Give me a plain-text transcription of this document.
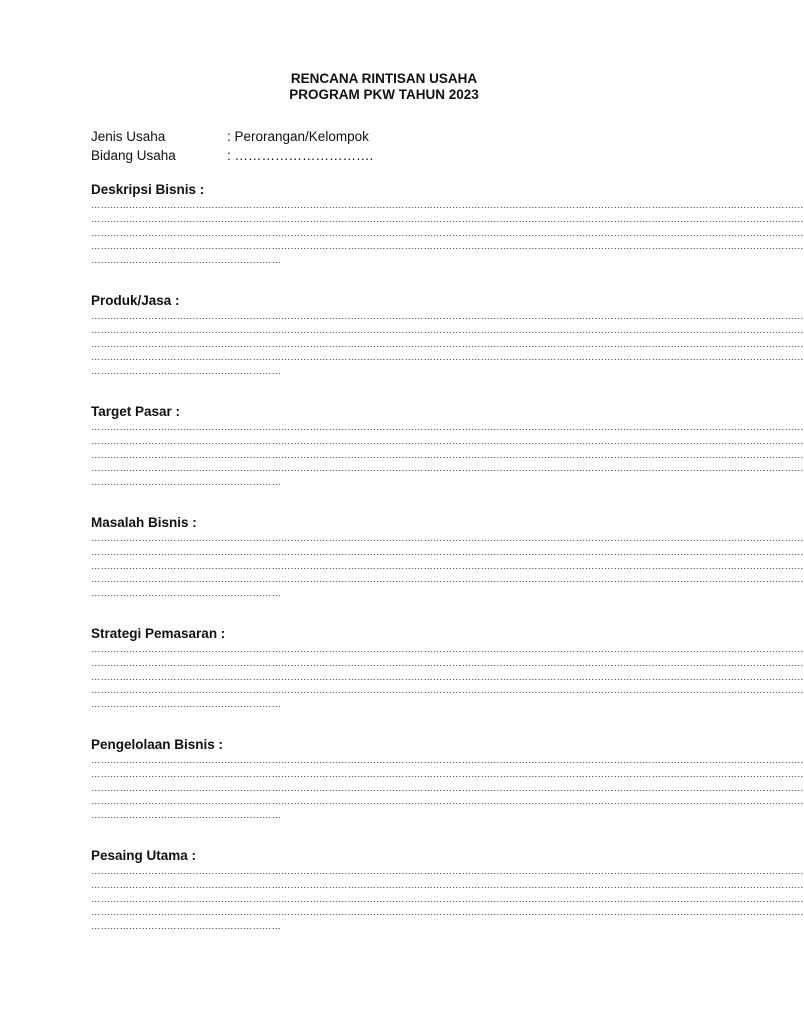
RENCANA RINTISAN USAHA
PROGRAM PKW TAHUN 2023
Jenis Usaha	: Perorangan/Kelompok
Bidang Usaha	: ………………………….
Deskripsi Bisnis :
………………………………………………………………………………………………………………………………………………………………………………………………………
………………………………………………………………………………………………………………………………………………………………………………………………………
………………………………………………………………………………………………………………………………………………………………………………………………………
………………………………………………………………………………………………………………………………………………………………………………………………………
……………………………………………………
Produk/Jasa :
………………………………………………………………………………………………………………………………………………………………………………………………………
………………………………………………………………………………………………………………………………………………………………………………………………………
………………………………………………………………………………………………………………………………………………………………………………………………………
………………………………………………………………………………………………………………………………………………………………………………………………………
……………………………………………………
Target Pasar :
………………………………………………………………………………………………………………………………………………………………………………………………………
………………………………………………………………………………………………………………………………………………………………………………………………………
………………………………………………………………………………………………………………………………………………………………………………………………………
………………………………………………………………………………………………………………………………………………………………………………………………………
……………………………………………………
Masalah Bisnis :
………………………………………………………………………………………………………………………………………………………………………………………………………
………………………………………………………………………………………………………………………………………………………………………………………………………
………………………………………………………………………………………………………………………………………………………………………………………………………
………………………………………………………………………………………………………………………………………………………………………………………………………
……………………………………………………
Strategi Pemasaran :
………………………………………………………………………………………………………………………………………………………………………………………………………
………………………………………………………………………………………………………………………………………………………………………………………………………
………………………………………………………………………………………………………………………………………………………………………………………………………
………………………………………………………………………………………………………………………………………………………………………………………………………
……………………………………………………
Pengelolaan Bisnis :
………………………………………………………………………………………………………………………………………………………………………………………………………
………………………………………………………………………………………………………………………………………………………………………………………………………
………………………………………………………………………………………………………………………………………………………………………………………………………
………………………………………………………………………………………………………………………………………………………………………………………………………
……………………………………………………
Pesaing Utama :
………………………………………………………………………………………………………………………………………………………………………………………………………
………………………………………………………………………………………………………………………………………………………………………………………………………
………………………………………………………………………………………………………………………………………………………………………………………………………
………………………………………………………………………………………………………………………………………………………………………………………………………
……………………………………………………
